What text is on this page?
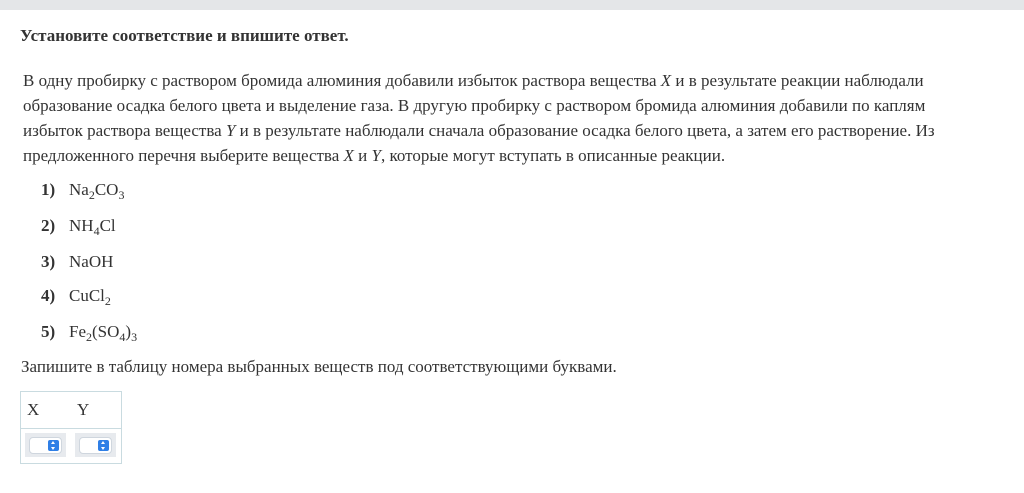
Установите соответствие и впишите ответ.

В одну пробирку с раствором бромида алюминия добавили избыток раствора вещества X и в результате реакции наблюдали

образование осадка белого цвета и выделение газа. В другую пробирку с раствором бромида алюминия добавили по каплям

избыток раствора вещества Y и в результате наблюдали сначала образование осадка белого цвета, а затем его растворение. Из

предложенного перечня выберите вещества X и Y, которые могут вступать в описанные реакции.

1) $Na_2CO_3$
2) $NH_4Cl$
3) NaOH
4) CuCl$_2$
5) $Fe_2(SO_4)_3$
Запишите в таблицу номера выбранных веществ под соответствующими буквами.
X Y
